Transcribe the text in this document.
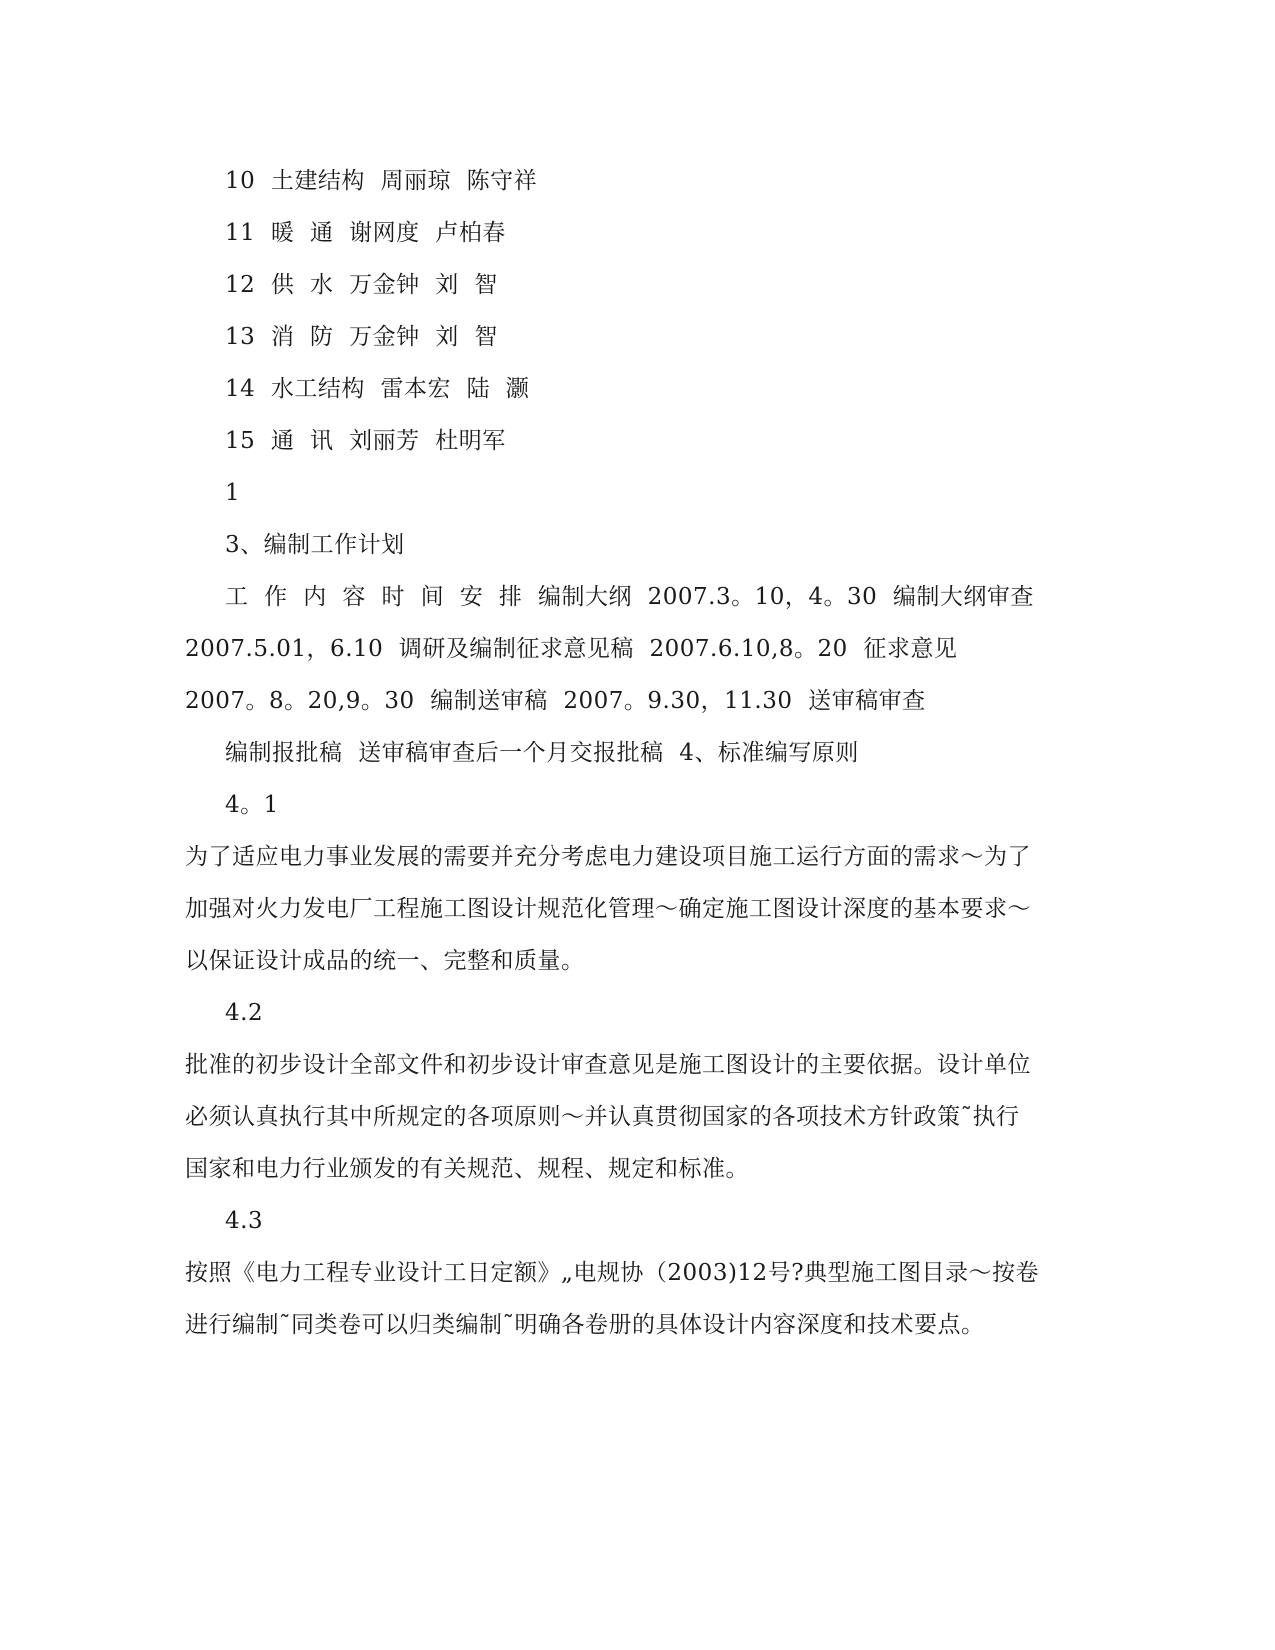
10  土建结构  周丽琼  陈守祥
11  暖  通  谢网度  卢柏春
12  供  水  万金钟  刘  智
13  消  防  万金钟  刘  智
14  水工结构  雷本宏  陆  灏
15  通  讯  刘丽芳  杜明军
1
3、编制工作计划
工  作  内  容  时  间  安  排  编制大纲  2007.3。10，4。30  编制大纲审查
2007.5.01，6.10  调研及编制征求意见稿  2007.6.10,8。20  征求意见
2007。8。20,9。30  编制送审稿  2007。9.30，11.30  送审稿审查
编制报批稿  送审稿审查后一个月交报批稿  4、标准编写原则
4。1
为了适应电力事业发展的需要并充分考虑电力建设项目施工运行方面的需求～为了
加强对火力发电厂工程施工图设计规范化管理～确定施工图设计深度的基本要求～
以保证设计成品的统一、完整和质量。
4.2
批准的初步设计全部文件和初步设计审查意见是施工图设计的主要依据。设计单位
必须认真执行其中所规定的各项原则～并认真贯彻国家的各项技术方针政策˜执行
国家和电力行业颁发的有关规范、规程、规定和标准。
4.3
按照《电力工程专业设计工日定额》„电规协（2003)12号?典型施工图目录～按卷
进行编制˜同类卷可以归类编制˜明确各卷册的具体设计内容深度和技术要点。
